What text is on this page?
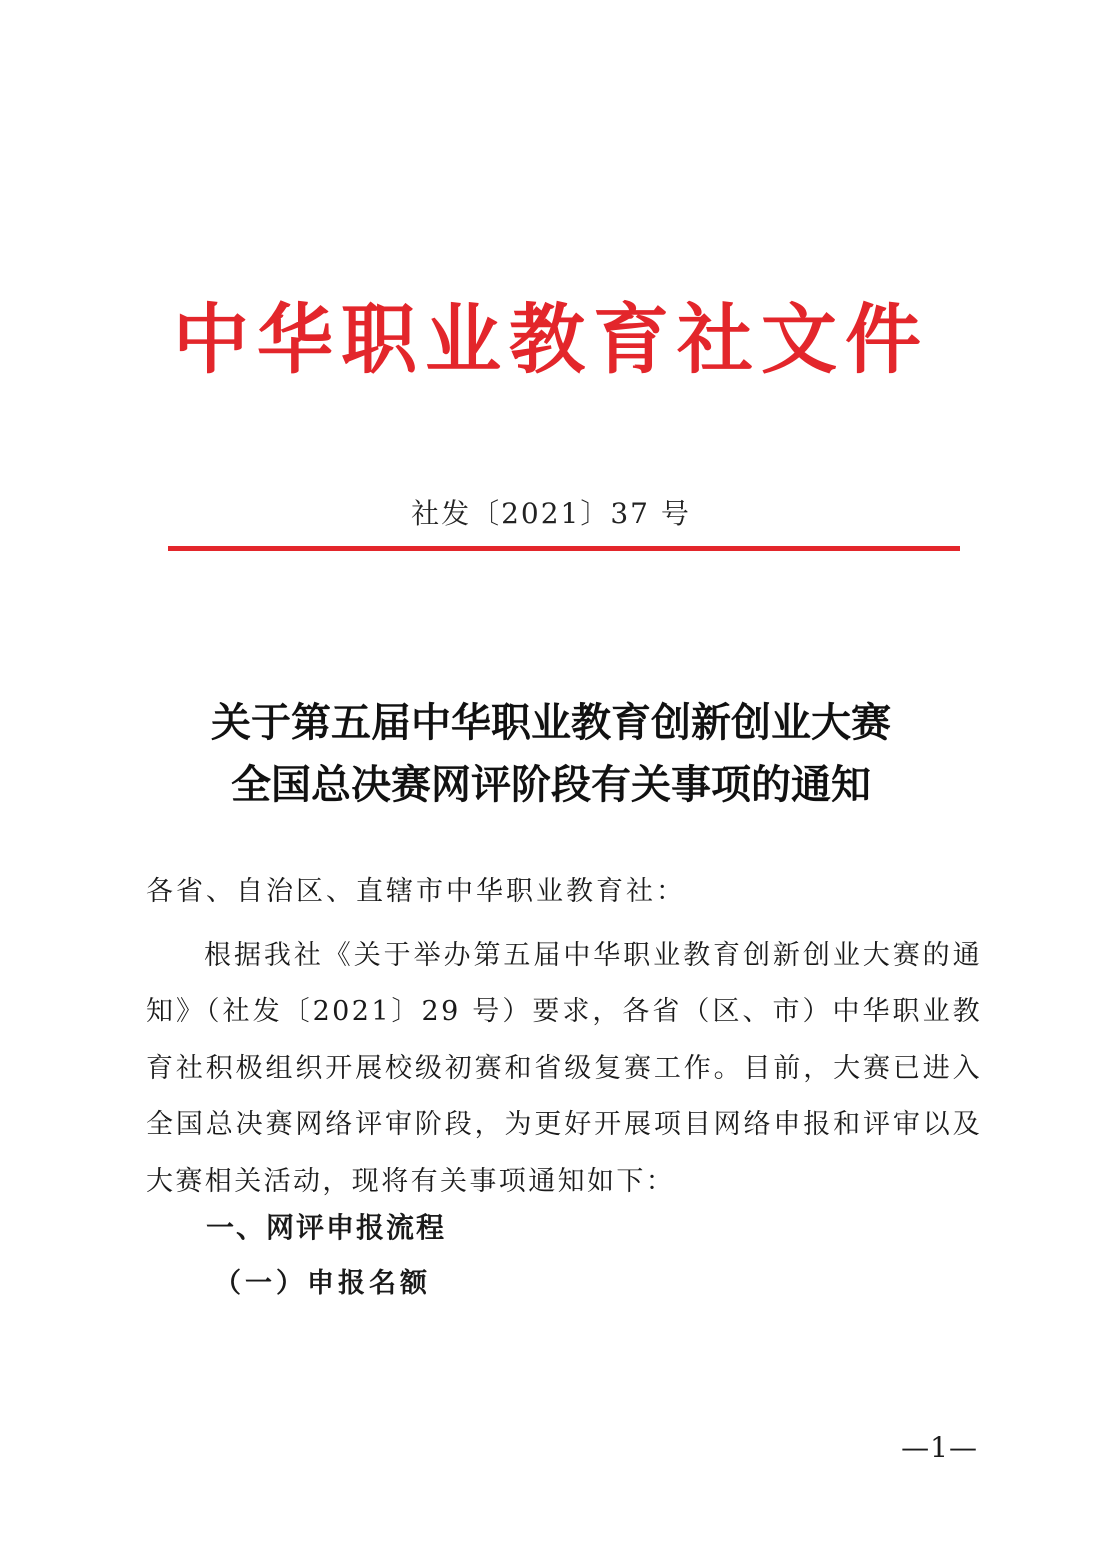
中华职业教育社文件
社发〔2021〕37 号
关于第五届中华职业教育创新创业大赛
全国总决赛网评阶段有关事项的通知
各省、自治区、直辖市中华职业教育社：
根据我社《关于举办第五届中华职业教育创新创业大赛的通知》（社发〔2021〕29 号）要求，各省（区、市）中华职业教育社积极组织开展校级初赛和省级复赛工作。目前，大赛已进入全国总决赛网络评审阶段，为更好开展项目网络申报和评审以及大赛相关活动，现将有关事项通知如下：
一、网评申报流程
（一）申报名额
—1—
